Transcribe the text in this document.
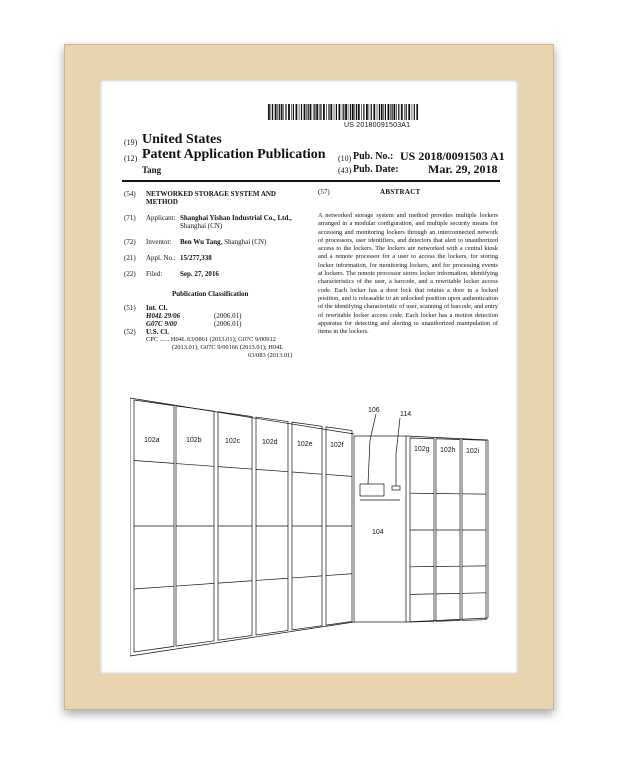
US 20180091503A1
(19) United States
(12) Patent Application Publication
Tang
(10) Pub. No.: US 2018/0091503 A1
(43) Pub. Date: Mar. 29, 2018
(54) NETWORKED STORAGE SYSTEM AND
METHOD
(71) Applicant: Shanghai Yishan Industrial Co., Ltd.,
Shanghai (CN)
(72) Inventor: Ben Wu Tang, Shanghai (CN)
(21) Appl. No.: 15/277,338
(22) Filed:	Sep. 27, 2016
Publication Classification
(51) Int. Cl.
H04L 29/06	(2006.01)
G07C 9/00	(2006.01)
(52) U.S. Cl.
CPC ...... H04L 63/0861 (2013.01); G07C 9/00912
(2013.01); G07C 9/00166 (2013.01); H04L
63/083 (2013.01)
(57)	ABSTRACT
A networked storage system and method provides multiple lockers arranged in a modular configuration, and multiple security means for accessing and monitoring lockers through an interconnected network of processors, user identifiers, and detectors that alert to unauthorized access to the lockers. The lockers are networked with a central kiosk and a remote processor for a user to access the lockers, for storing locker information, for monitoring lockers, and for processing events at lockers. The remote processor stores locker information, identifying characteristics of the user, a barcode, and a rewritable locker access code. Each locker has a door lock that retains a door in a locked position, and is releasable to an unlocked position upon authentication of the identifying characteristic of user, scanning of barcode, and entry of rewritable locker access code. Each locker has a motion detection apparatus for detecting and alerting to unauthorized manipulation of items in the lockers.
106
114
104
102a	102b	102c	102d	102e 102f
102g 102h 102i
